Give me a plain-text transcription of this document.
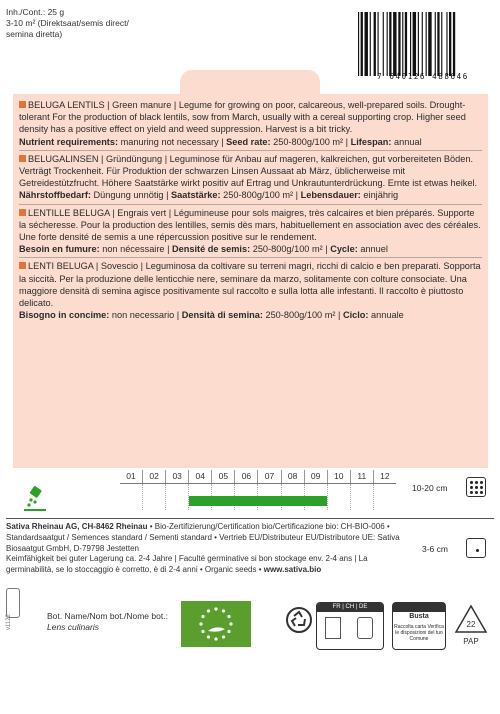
Inh./Cont.: 25 g
3-10 m² (Direktsaat/semis direct/
semina diretta)
7 640126 488646
BELUGA LENTILS | Green manure | Legume for growing on poor, calcareous, well-prepared soils. Drought-tolerant For the production of black lentils, sow from March, usually with a cereal supporting crop. Higher seed density has a positive effect on yield and weed suppression. Harvest is a bit tricky.
Nutrient requirements: manuring not necessary | Seed rate: 250-800g/100 m² | Lifespan: annual
BELUGALINSEN | Gründüngung | Leguminose für Anbau auf mageren, kalkreichen, gut vorbereiteten Böden. Verträgt Trockenheit. Für Produktion der schwarzen Linsen Aussaat ab März, üblicherweise mit Getreidestützfrucht. Höhere Saatstärke wirkt positiv auf Ertrag und Unkrautunterdrückung. Ernte ist etwas heikel.
Nährstoffbedarf: Düngung unnötig | Saatstärke: 250-800g/100 m² | Lebensdauer: einjährig
LENTILLE BELUGA | Engrais vert | Légumineuse pour sols maigres, très calcaires et bien préparés. Supporte la sécheresse. Pour la production des lentilles, semis dès mars, habituellement en association avec des céréales. Une forte densité de semis a une répercussion positive sur le rendement.
Besoin en fumure: non nécessaire | Densité de semis: 250-800g/100 m² | Cycle: annuel
LENTI BELUGA | Sovescio | Leguminosa da coltivare su terreni magri, ricchi di calcio e ben preparati. Sopporta la siccità. Per la produzione delle lenticchie nere, seminare da marzo, solitamente con colture consociate. Una maggiore densità di semina agisce positivamente sul raccolto e sulla lotta alle infestanti. Il raccolto è piuttosto delicato.
Bisogno in concime: non necessario | Densità di semina: 250-800g/100 m² | Ciclo: annuale
01	02	03	04	05	06	07	08	09	10	11	12
10-20 cm
3-6 cm
Sativa Rheinau AG, CH-8462 Rheinau • Bio-Zertifizierung/Certification bio/Certificazione bio: CH-BIO-006 • Standardsaatgut / Semences standard / Sementi standard • Vertrieb EU/Distributeur EU/Distributore UE: Sativa Biosaatgut GmbH, D-79798 Jestetten
Keimfähigkeit bei guter Lagerung ca. 2-4 Jahre | Faculté germinative si bon stockage env. 2-4 ans | La germinabilità, se lo stoccaggio è corretto, è di 2-4 anni • Organic seeds • www.sativa.bio
v1122	Bot. Name/Nom bot./Nome bot.:
Lens culinaris
FR | CH | DE
Busta
Raccolta carta Verifica le disposizioni del tuo Comune
22
PAP
